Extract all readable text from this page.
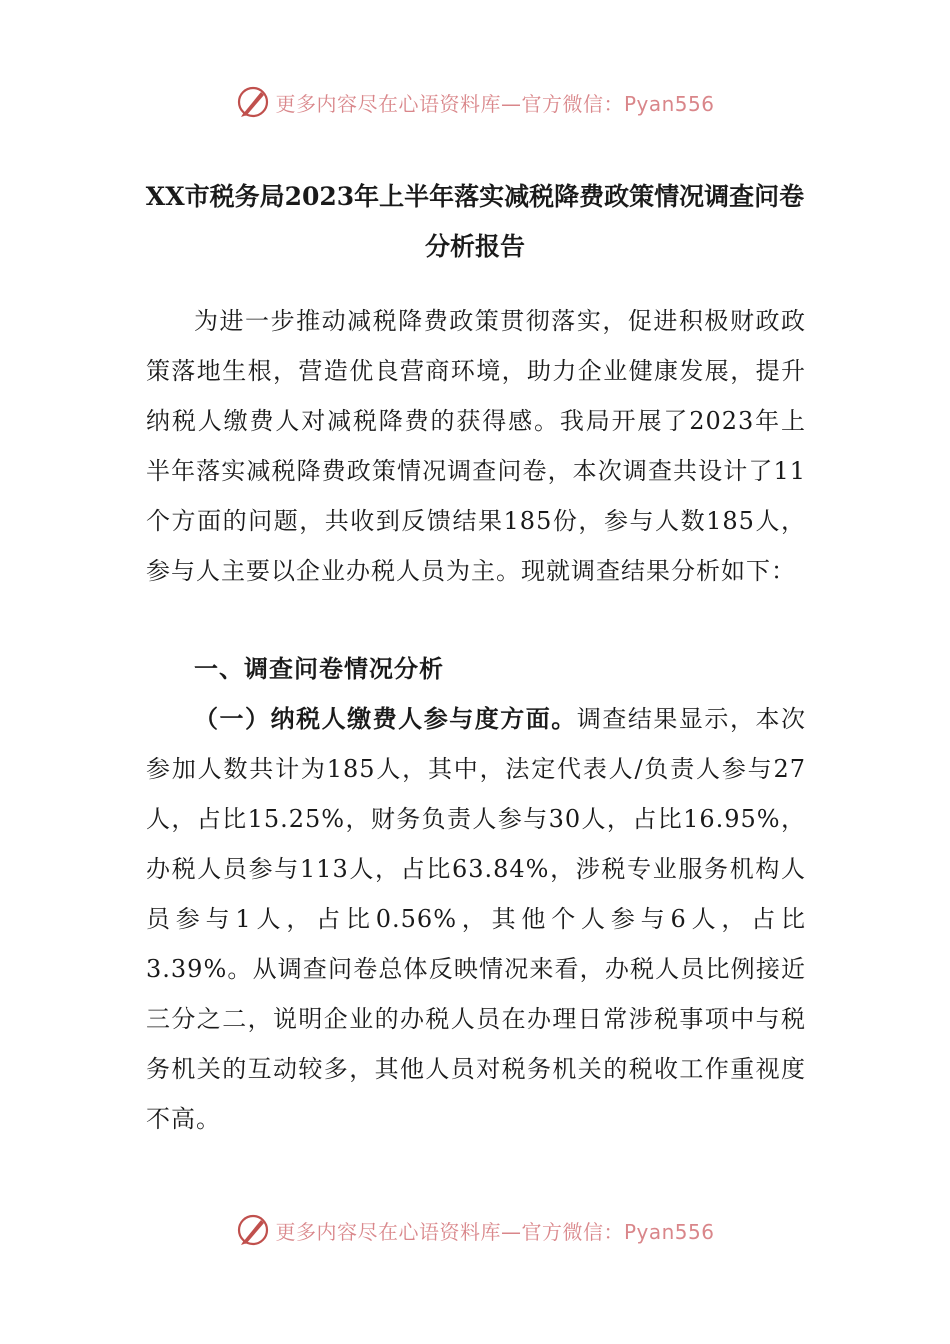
更多内容尽在心语资料库—官方微信：Pyan556
XX市税务局2023年上半年落实减税降费政策情况调查问卷
分析报告

为进一步推动减税降费政策贯彻落实，促进积极财政政策落地生根，营造优良营商环境，助力企业健康发展，提升纳税人缴费人对减税降费的获得感。我局开展了2023年上半年落实减税降费政策情况调查问卷，本次调查共设计了11个方面的问题，共收到反馈结果185份，参与人数185人，参与人主要以企业办税人员为主。现就调查结果分析如下：

一、调查问卷情况分析

（一）纳税人缴费人参与度方面。调查结果显示，本次参加人数共计为185人，其中，法定代表人/负责人参与27人，占比15.25%，财务负责人参与30人，占比16.95%，办税人员参与113人，占比63.84%，涉税专业服务机构人员参与1人，占比0.56%，其他个人参与6人，占比3.39%。从调查问卷总体反映情况来看，办税人员比例接近三分之二，说明企业的办税人员在办理日常涉税事项中与税务机关的互动较多，其他人员对税务机关的税收工作重视度不高。

更多内容尽在心语资料库—官方微信：Pyan556
